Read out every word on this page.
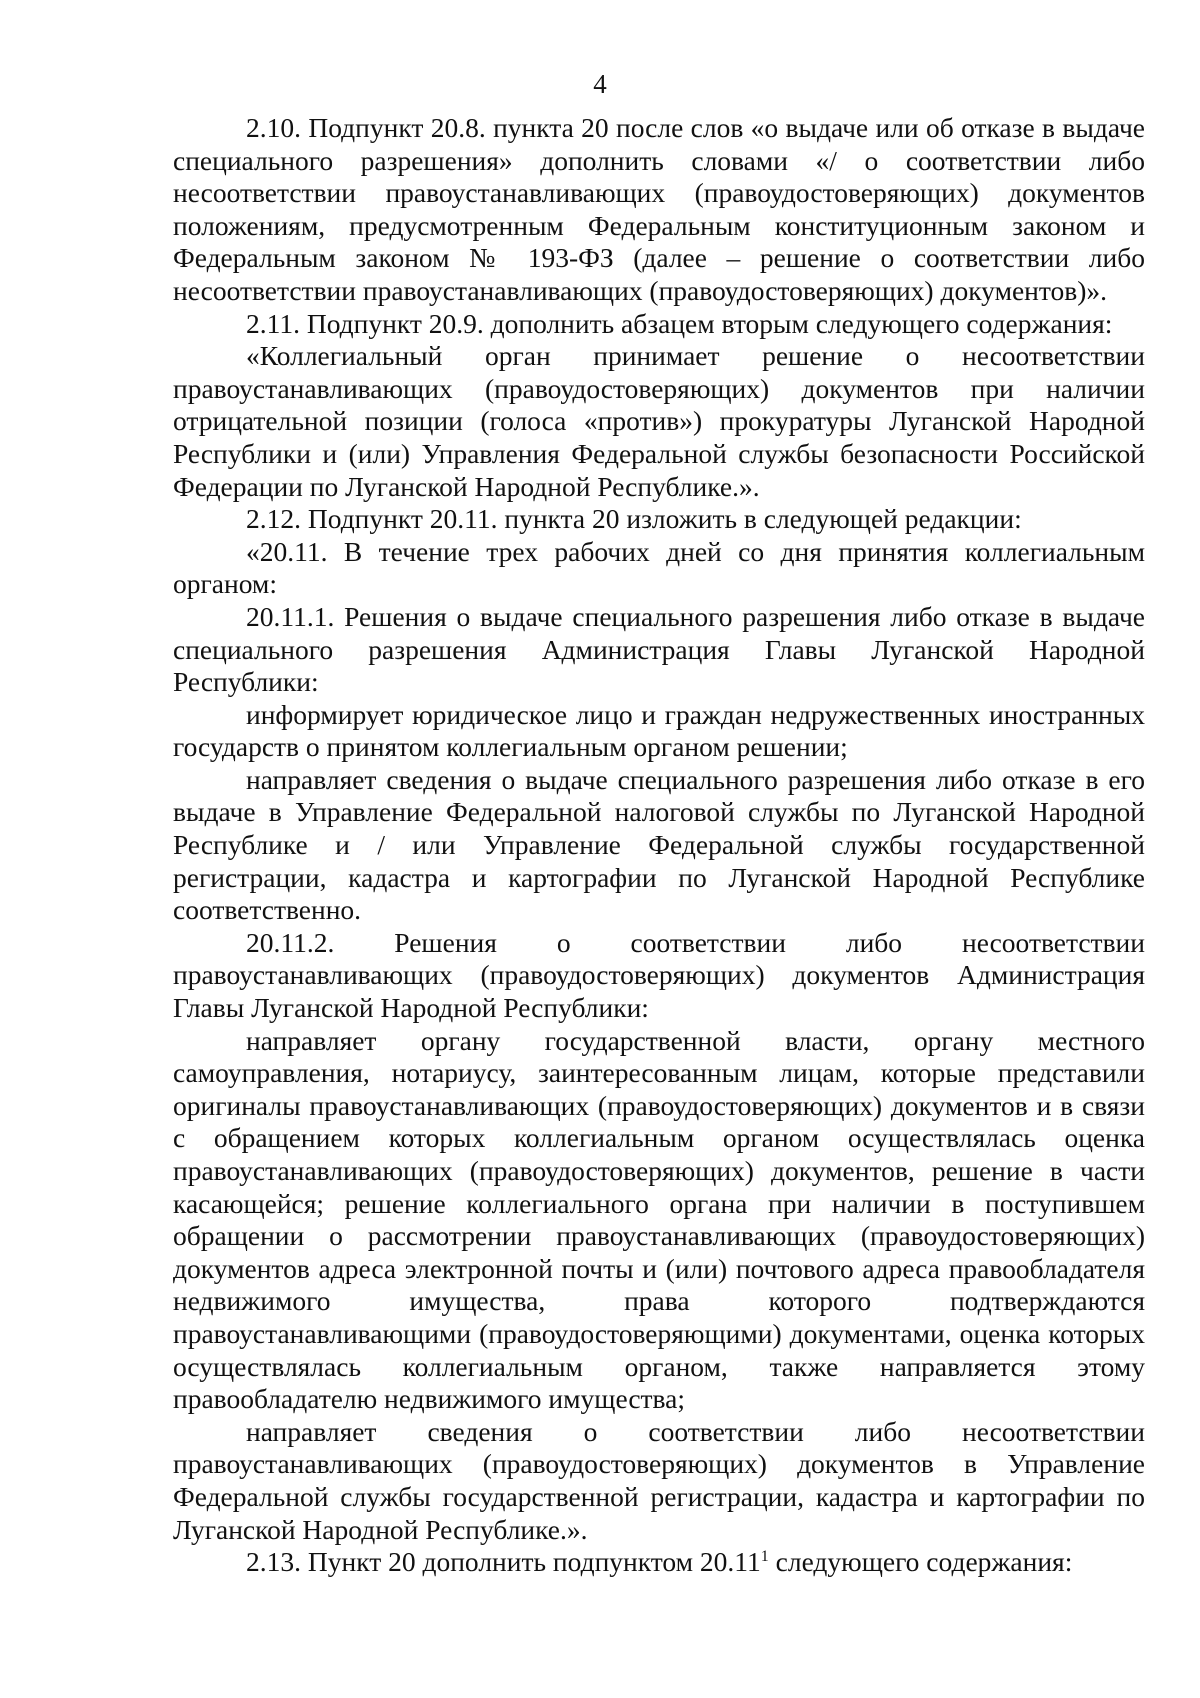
4

2.10. Подпункт 20.8. пункта 20 после слов «о выдаче или об отказе в выдаче специального разрешения» дополнить словами «/ о соответствии либо несоответствии правоустанавливающих (правоудостоверяющих) документов положениям, предусмотренным Федеральным конституционным законом и Федеральным законом № 193-ФЗ (далее – решение о соответствии либо несоответствии правоустанавливающих (правоудостоверяющих) документов)».

2.11. Подпункт 20.9. дополнить абзацем вторым следующего содержания:

«Коллегиальный орган принимает решение о несоответствии правоустанавливающих (правоудостоверяющих) документов при наличии отрицательной позиции (голоса «против») прокуратуры Луганской Народной Республики и (или) Управления Федеральной службы безопасности Российской Федерации по Луганской Народной Республике.».

2.12. Подпункт 20.11. пункта 20 изложить в следующей редакции:

«20.11. В течение трех рабочих дней со дня принятия коллегиальным органом:

20.11.1. Решения о выдаче специального разрешения либо отказе в выдаче специального разрешения Администрация Главы Луганской Народной Республики:

информирует юридическое лицо и граждан недружественных иностранных государств о принятом коллегиальным органом решении;

направляет сведения о выдаче специального разрешения либо отказе в его выдаче в Управление Федеральной налоговой службы по Луганской Народной Республике и / или Управление Федеральной службы государственной регистрации, кадастра и картографии по Луганской Народной Республике соответственно.

20.11.2. Решения о соответствии либо несоответствии правоустанавливающих (правоудостоверяющих) документов Администрация Главы Луганской Народной Республики:

направляет органу государственной власти, органу местного самоуправления, нотариусу, заинтересованным лицам, которые представили оригиналы правоустанавливающих (правоудостоверяющих) документов и в связи с обращением которых коллегиальным органом осуществлялась оценка правоустанавливающих (правоудостоверяющих) документов, решение в части касающейся; решение коллегиального органа при наличии в поступившем обращении о рассмотрении правоустанавливающих (правоудостоверяющих) документов адреса электронной почты и (или) почтового адреса правообладателя недвижимого имущества, права которого подтверждаются правоустанавливающими (правоудостоверяющими) документами, оценка которых осуществлялась коллегиальным органом, также направляется этому правообладателю недвижимого имущества;

направляет сведения о соответствии либо несоответствии правоустанавливающих (правоудостоверяющих) документов в Управление Федеральной службы государственной регистрации, кадастра и картографии по Луганской Народной Республике.».

2.13. Пункт 20 дополнить подпунктом 20.11$^1$ следующего содержания:
